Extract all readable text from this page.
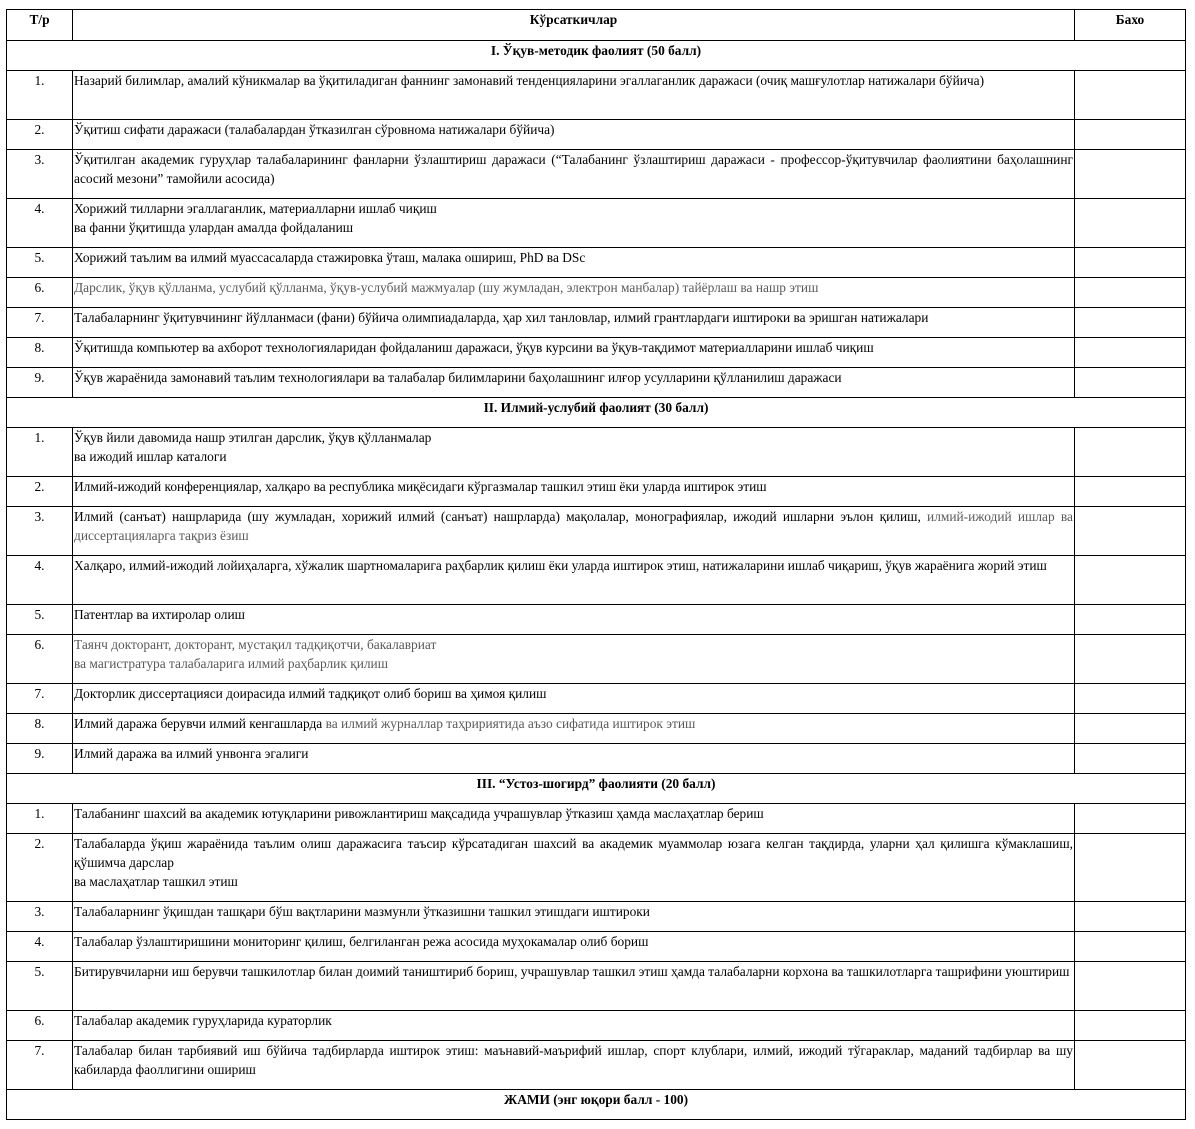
Т/р	Кўрсаткичлар	Бахо
I. Ўқув-методик фаолият (50 балл)		
1.	Назарий билимлар, амалий кўникмалар ва ўқитиладиган фаннинг замонавий тенденцияларини эгаллаганлик даражаси (очиқ машғулотлар натижалари бўйича)	
2.	Ўқитиш сифати даражаси (талабалардан ўтказилган сўровнома натижалари бўйича)	
3.	Ўқитилган академик гуруҳлар талабаларининг фанларни ўзлаштириш даражаси (“Талабанинг ўзлаштириш даражаси - профессор-ўқитувчилар фаолиятини баҳолашнинг асосий мезони” тамойили асосида)	
4.	Хорижий тилларни эгаллаганлик, материалларни ишлаб чиқиш
ва фанни ўқитишда улардан амалда фойдаланиш	
5.	Хорижий таълим ва илмий муассасаларда стажировка ўташ, малака ошириш, PhD ва DSc	
6.	Дарслик, ўқув қўлланма, услубий қўлланма, ўқув-услубий мажмуалар (шу жумладан, электрон манбалар) тайёрлаш ва нашр этиш	
7.	Талабаларнинг ўқитувчининг йўлланмаси (фани) бўйича олимпиадаларда, ҳар хил танловлар, илмий грантлардаги иштироки ва эришган натижалари	
8.	Ўқитишда компьютер ва ахборот технологияларидан фойдаланиш даражаси, ўқув курсини ва ўқув-тақдимот материалларини ишлаб чиқиш	
9.	Ўқув жараёнида замонавий таълим технологиялари ва талабалар билимларини баҳолашнинг илғор усулларини қўлланилиш даражаси	
II. Илмий-услубий фаолият (30 балл)		
1.	Ўқув йили давомида нашр этилган дарслик, ўқув қўлланмалар
ва ижодий ишлар каталоги	
2.	Илмий-ижодий конференциялар, халқаро ва республика миқёсидаги кўргазмалар ташкил этиш ёки уларда иштирок этиш	
3.	Илмий (санъат) нашрларида (шу жумладан, хорижий илмий (санъат) нашрларда) мақолалар, монографиялар, ижодий ишларни эълон қилиш, илмий-ижодий ишлар ва диссертацияларга тақриз ёзиш	
4.	Халқаро, илмий-ижодий лойиҳаларга, хўжалик шартномаларига раҳбарлик қилиш ёки уларда иштирок этиш, натижаларини ишлаб чиқариш, ўқув жараёнига жорий этиш	
5.	Патентлар ва ихтиролар олиш	
6.	Таянч докторант, докторант, мустақил тадқиқотчи, бакалавриат
ва магистратура талабаларига илмий раҳбарлик қилиш	
7.	Докторлик диссертацияси доирасида илмий тадқиқот олиб бориш ва ҳимоя қилиш	
8.	Илмий даража берувчи илмий кенгашларда ва илмий журналлар таҳририятида аъзо сифатида иштирок этиш	
9.	Илмий даража ва илмий унвонга эгалиги	
III. “Устоз-шогирд” фаолияти (20 балл)		
1.	Талабанинг шахсий ва академик ютуқларини ривожлантириш мақсадида учрашувлар ўтказиш ҳамда маслаҳатлар бериш	
2.	Талабаларда ўқиш жараёнида таълим олиш даражасига таъсир кўрсатадиган шахсий ва академик муаммолар юзага келган тақдирда, уларни ҳал қилишга кўмаклашиш, қўшимча дарслар
ва маслаҳатлар ташкил этиш	
3.	Талабаларнинг ўқишдан ташқари бўш вақтларини мазмунли ўтказишни ташкил этишдаги иштироки	
4.	Талабалар ўзлаштиришини мониторинг қилиш, белгиланган режа асосида муҳокамалар олиб бориш	
5.	Битирувчиларни иш берувчи ташкилотлар билан доимий таништириб бориш, учрашувлар ташкил этиш ҳамда талабаларни корхона ва ташкилотларга ташрифини уюштириш	
6.	Талабалар академик гуруҳларида кураторлик	
7.	Талабалар билан тарбиявий иш бўйича тадбирларда иштирок этиш: маънавий-маърифий ишлар, спорт клублари, илмий, ижодий тўгараклар, маданий тадбирлар ва шу кабиларда фаоллигини ошириш	
ЖАМИ (энг юқори балл - 100)		
